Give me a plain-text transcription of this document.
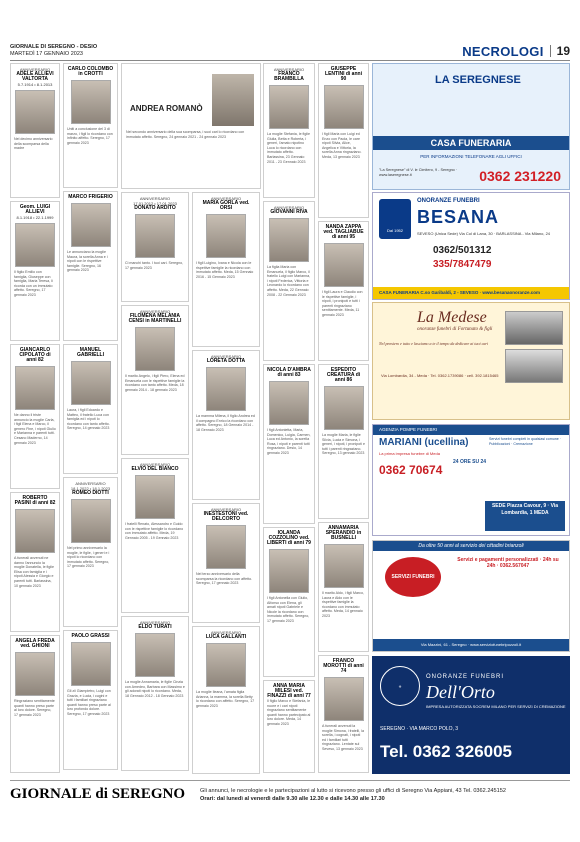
GIORNALE DI SEREGNO - DESIO
MARTEDÌ 17 GENNAIO 2023	NECROLOGI 19
ANNIVERSARIO
ADELE ALLIEVI VALTORTA
5.7.1914 • 8.1.2013
Nel decimo anniversario della scomparsa della madre
Geom. LUIGI ALLIEVI
8.1.1918 • 22.1.1999
Il figlio Emilio con famiglia, Giuseppe con famiglia, Maria Teresa, Ii ricorda con un immutato affetto. Seregno, 17 gennaio 2023
GIANCARLO CIPOLATO di anni 82
Ne danno il triste annuncio la moglie Carla, i figli Elena e Marco, il genero Fine, i nipoti Giulio e Marianna e parenti tutti. Cesano Maderno, 14 gennaio 2023
ROBERTO PASINI di anni 82
A funerali avvenuti ne danno l'annuncio la moglie Donatella, le figlie Elisa con famiglia e i nipoti Alessia e Giorgio e parenti tutti. Barlassina, 10 gennaio 2023
ANGELA FREDA ved. GHIONI
Ringraziano sentitamente quanti hanno preso parte al loro dolore. Seregno, 17 gennaio 2023
CARLO COLOMBO in CROTTI
Uniti a conclusione del 3 di marzo, i figli lo ricordano con infinito affetto. Seregno, 17 gennaio 2023
MARCO FRIGERIO
Le annunciano la moglie Maura, la sorella Anna e i nipoti con le rispettive famiglie. Seregno, 16 gennaio 2023
MANUEL GABRIELLI
Laura, i figli Edoardo e Matteo, il fratello Luca con famiglia ed i nipoti lo ricordano con tanto affetto. Seregno, 14 gennaio 2023
ANNIVERSARIO 18.1.2022 • 18.1.2023
ROMEO DIOTTI
Nel primo anniversario la moglie, le figlie, i generi e i nipoti lo ricordano con immutato affetto. Seregno, 17 gennaio 2023
PAOLO GRASSI
Gli zii Giampietro, Luigi con Grazia, e Lucia, i cugini e tutti i familiari ringraziano quanti hanno preso parte al loro profondo dolore. Seregno, 17 gennaio 2023
ANDREA ROMANÒ
Nel secondo anniversario della sua scomparsa, i suoi cari lo ricordano con immutato affetto. Seregno, 24 gennaio 2021 - 24 gennaio 2023
ANNIVERSARIO
17.01.2012 • 17.01.2023
DONATO ARDITO
Ci manchi tanto. I tuoi cari. Seregno, 17 gennaio 2023
ANNIVERSARIO
FILOMENA MELANIA CENSI in MARTINELLI
Il marito Angelo, i figli Piero, Elena ed Emanuela con le rispettive famiglie la ricordano con tanto affetto. Meda, 18 gennaio 2014 - 18 gennaio 2023
ANNIVERSARIO
ELVIO DEL BIANCO
I fratelli Renato, Alessandro e Guido con le rispettive famiglie lo ricordano con immutato affetto. Meda, 19 Gennaio 2005 - 19 Gennaio 2023
ANNIVERSARIO
ELDO TURATI
La moglie Annamaria, le figlie Cinzia con Amedeo, Barbara con Massimo e gli adorati nipoti lo ricordano. Meda, 18 Gennaio 2012 - 18 Gennaio 2023
ANNIVERSARIO
MARIA GORLA ved. ORSI
I figli Luigino, Ivana e Nicola con le rispettive famiglie la ricordano con immutato affetto. Meda, 15 Gennaio 2016 - 15 Gennaio 2023
ANNIVERSARIO
LORETA DOTTA
La mamma Milena, il figlio Andrea ed il compagno Enrico la ricordano con affetto. Seregno, 18 Gennaio 2014 - 18 Gennaio 2023
ANNIVERSARIO
INESTESTONI ved. DELCORTO
Nel terzo anniversario della scomparsa la ricordano con affetto. Seregno, 17 gennaio 2023
ANNIVERSARIO
LUCA GALLANTI
La moglie Ileana, l'amata figlia Arianna, la mamma, la sorella Betty lo ricordano con affetto. Seregno, 17 gennaio 2023
ANNIVERSARIO
FRANCO BRAMBILLA
La moglie Stefania, le figlie Giulia, Betta e Roberta, i generi, l'amato nipotino Luca lo ricordano con immutato affetto. Barlassina, 23 Gennaio 2011 - 23 Gennaio 2023
ANNIVERSARIO
GIOVANNI RIVA
La figlia Maria con Emanuela, il figlio Marco, il fratello Luigi con Marianna, i nipoti Federica, Vittoria e Leonardo lo ricordano con affetto. Meda, 22 Gennaio 2008 - 22 Gennaio 2023
NICOLA D'AMBRA di anni 83
I figli Antonietta, Maria, Domenico, Luigia, Carmen, Luca ed Antonio, la sorella Rosa, i nipoti e parenti tutti ringraziano. Desio, 14 gennaio 2023
IOLANDA COZZOLINO ved. LIBERTI di anni 79
I figli Antonella con Giulio, Alfonso con Elena, gli amati nipoti Gabriele e Nicole la ricordano con immutato affetto. Seregno, 17 gennaio 2023
ANNA MARIA MILESI ved. FINAZZI di anni 77
Il figlio Marco e Stefania, le nuore e i cari nipoti ringraziano sentitamente quanti hanno partecipato al loro dolore. Meda, 14 gennaio 2023
GIUSEPPE LENTINI di anni 90
I figli Maria con Luigi ed Enzo con Paola, le care nipoti Silvia, Alice, Angelica e Vittoria, la sorella Anna ringraziano. Meda, 13 gennaio 2023
NANDA ZAPPA ved. TAGLIABUE di anni 95
I figli Laura e Claudio con le rispettive famiglie, i nipoti, i pronipoti e tutti i parenti ringraziano sentitamente. Meda, 11 gennaio 2023
ESPEDITO CREATURA di anni 86
La moglie Maria, le figlie Silvia, Lucia e Simona, i generi, i nipoti, i pronipoti e tutti i parenti ringraziano. Seregno, 13 gennaio 2023
ANNAMARIA SPERANDIO in BUSNELLI
Il marito Aldo, i figli Marco, Laura e Aldo con le rispettive famiglie la ricordano con immutato affetto. Meda, 14 gennaio 2023
FRANCO MOROTTI di anni 74
A funerali avvenuti la moglie Simona, i fratelli, la sorella, i cognati, i nipoti ed i familiari tutti ringraziano. Lentate sul Seveso, 13 gennaio 2023
LA SEREGNESE
CASA FUNERARIA
PER INFORMAZIONI TELEFONARE AGLI UFFICI
"La Seregnese" di V. le Cimitero, 9 - Seregno · www.laseregnese.it	0362 231220
Dal 1952
ONORANZE FUNEBRI
BESANA
SEVESO (Unica Sede) Via Col di Lana, 30 · BARLASSINA - Via Milano, 24
0362/501312
335/7847479
CASA FUNERARIA C.so Garibaldi, 2 - SEVESO · www.besanaonoranze.com
La Medese
onoranze funebri di Fortunato & figli
Nel pensiero e tutto e lasciamo a te il tempo da dedicare ai tuoi cari
Via Lombardia, 34 - Meda · Tel. 0362.1739086 · cell. 392.1815465
AGENZIA POMPE FUNEBRI
MARIANI (ucellina)
La prima impresa funebre di Meda
0362 70674
24 ORE SU 24
Servizi funebri completi in qualsiasi comune · Pubblicazioni · Cremazione
SEDE Piazza Cavour, 9 · Via Lombardia, 1 MEDA
Da oltre 50 anni al servizio dei cittadini brianzoli
SERVIZI FUNEBRI POZZOLI
Servizi e pagamenti personalizzati · 24h su 24h · 0362.567047
Via Mazzini, 61 - Seregno · www.serviziofunebripozzoli.it
⚜
ONORANZE FUNEBRI
Dell'Orto
IMPRESA AUTORIZZATA SOCREM MILANO PER SERVIZI DI CREMAZIONE
SEREGNO · VIA MARCO POLO, 3
Tel. 0362 326005
GIORNALE di SEREGNO	Gli annunci, le necrologie e le partecipazioni al lutto si ricevono presso gli uffici di Seregno Via Appiani, 43 Tel. 0362.245152
Orari: dal lunedì al venerdì dalle 9.30 alle 12.30 e dalle 14.30 alle 17.30
